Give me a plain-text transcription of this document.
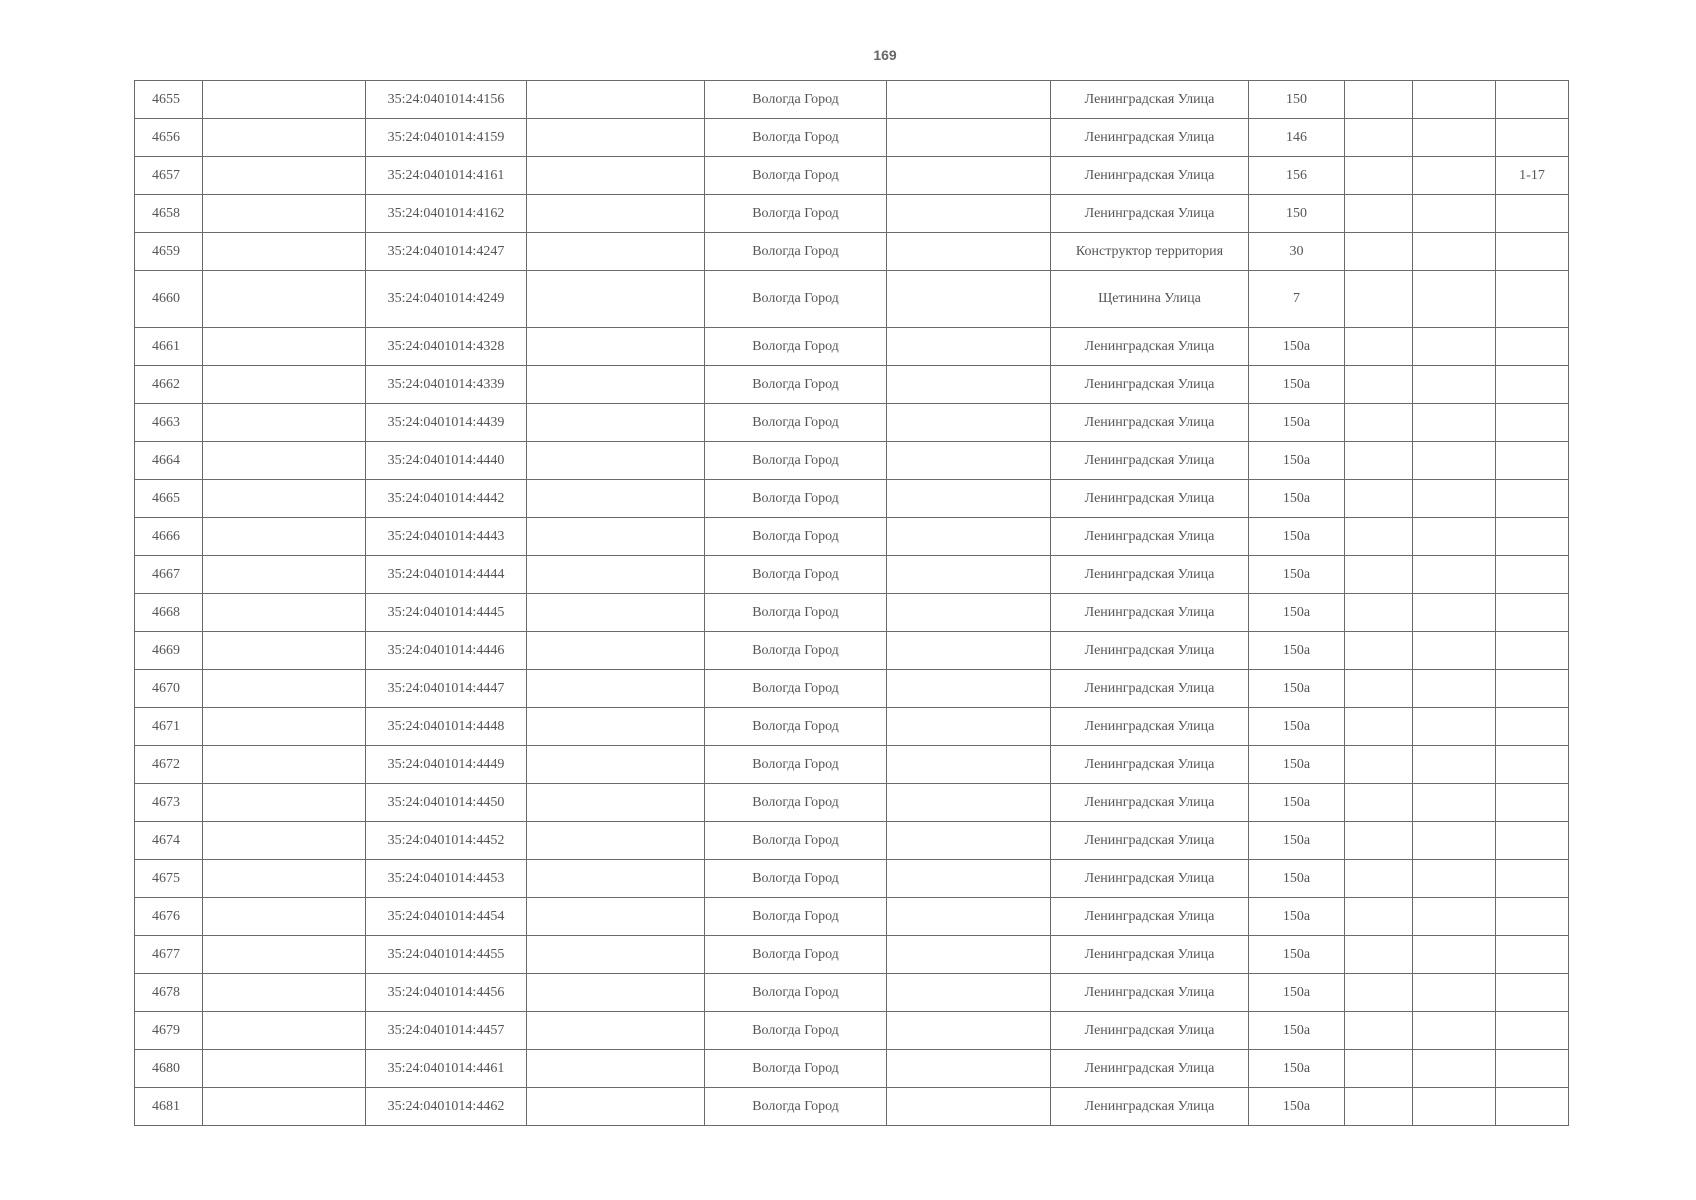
169
4655		35:24:0401014:4156		Вологда Город		Ленинградская Улица	150			
4656		35:24:0401014:4159		Вологда Город		Ленинградская Улица	146			
4657		35:24:0401014:4161		Вологда Город		Ленинградская Улица	156			1-17
4658		35:24:0401014:4162		Вологда Город		Ленинградская Улица	150			
4659		35:24:0401014:4247		Вологда Город		Конструктор территория	30			
4660		35:24:0401014:4249		Вологда Город		Щетинина Улица	7			
4661		35:24:0401014:4328		Вологда Город		Ленинградская Улица	150а			
4662		35:24:0401014:4339		Вологда Город		Ленинградская Улица	150а			
4663		35:24:0401014:4439		Вологда Город		Ленинградская Улица	150а			
4664		35:24:0401014:4440		Вологда Город		Ленинградская Улица	150а			
4665		35:24:0401014:4442		Вологда Город		Ленинградская Улица	150а			
4666		35:24:0401014:4443		Вологда Город		Ленинградская Улица	150а			
4667		35:24:0401014:4444		Вологда Город		Ленинградская Улица	150а			
4668		35:24:0401014:4445		Вологда Город		Ленинградская Улица	150а			
4669		35:24:0401014:4446		Вологда Город		Ленинградская Улица	150а			
4670		35:24:0401014:4447		Вологда Город		Ленинградская Улица	150а			
4671		35:24:0401014:4448		Вологда Город		Ленинградская Улица	150а			
4672		35:24:0401014:4449		Вологда Город		Ленинградская Улица	150а			
4673		35:24:0401014:4450		Вологда Город		Ленинградская Улица	150а			
4674		35:24:0401014:4452		Вологда Город		Ленинградская Улица	150а			
4675		35:24:0401014:4453		Вологда Город		Ленинградская Улица	150а			
4676		35:24:0401014:4454		Вологда Город		Ленинградская Улица	150а			
4677		35:24:0401014:4455		Вологда Город		Ленинградская Улица	150а			
4678		35:24:0401014:4456		Вологда Город		Ленинградская Улица	150а			
4679		35:24:0401014:4457		Вологда Город		Ленинградская Улица	150а			
4680		35:24:0401014:4461		Вологда Город		Ленинградская Улица	150а			
4681		35:24:0401014:4462		Вологда Город		Ленинградская Улица	150а			
